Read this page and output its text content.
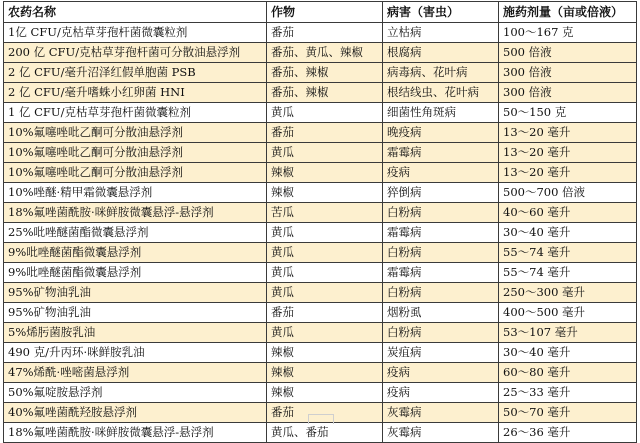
农药名称	作物	病害（害虫）	施药剂量（亩或倍液）
1亿 CFU/克枯草芽孢杆菌微囊粒剂	番茄	立枯病	100～167 克
200 亿 CFU/克枯草芽孢杆菌可分散油悬浮剂	番茄、黄瓜、辣椒	根腐病	500 倍液
2 亿 CFU/毫升沼泽红假单胞菌 PSB	番茄、辣椒	病毒病、花叶病	300 倍液
2 亿 CFU/毫升嗜蛛小红卵菌 HNI	番茄、辣椒	根结线虫、花叶病	300 倍液
1 亿 CFU/克枯草芽孢杆菌微囊粒剂	黄瓜	细菌性角斑病	50～150 克
10%氟噻唑吡乙酮可分散油悬浮剂	番茄	晚疫病	13～20 毫升
10%氟噻唑吡乙酮可分散油悬浮剂	黄瓜	霜霉病	13～20 毫升
10%氟噻唑吡乙酮可分散油悬浮剂	辣椒	疫病	13～20 毫升
10%唑醚·精甲霜微囊悬浮剂	辣椒	猝倒病	500～700 倍液
18%氟唑菌酰胺·咪鲜胺微囊悬浮-悬浮剂	苦瓜	白粉病	40～60 毫升
25%吡唑醚菌酯微囊悬浮剂	黄瓜	霜霉病	30～40 毫升
9%吡唑醚菌酯微囊悬浮剂	黄瓜	白粉病	55～74 毫升
9%吡唑醚菌酯微囊悬浮剂	黄瓜	霜霉病	55～74 毫升
95%矿物油乳油	黄瓜	白粉病	250～300 毫升
95%矿物油乳油	番茄	烟粉虱	400～500 毫升
5%烯肟菌胺乳油	黄瓜	白粉病	53～107 毫升
490 克/升丙环·咪鲜胺乳油	辣椒	炭疽病	30～40 毫升
47%烯酰·唑嘧菌悬浮剂	辣椒	疫病	60～80 毫升
50%氟啶胺悬浮剂	辣椒	疫病	25～33 毫升
40%氟唑菌酰羟胺悬浮剂	番茄	灰霉病	50～70 毫升
18%氟唑菌酰胺·咪鲜胺微囊悬浮-悬浮剂	黄瓜、番茄	灰霉病	26～36 毫升
